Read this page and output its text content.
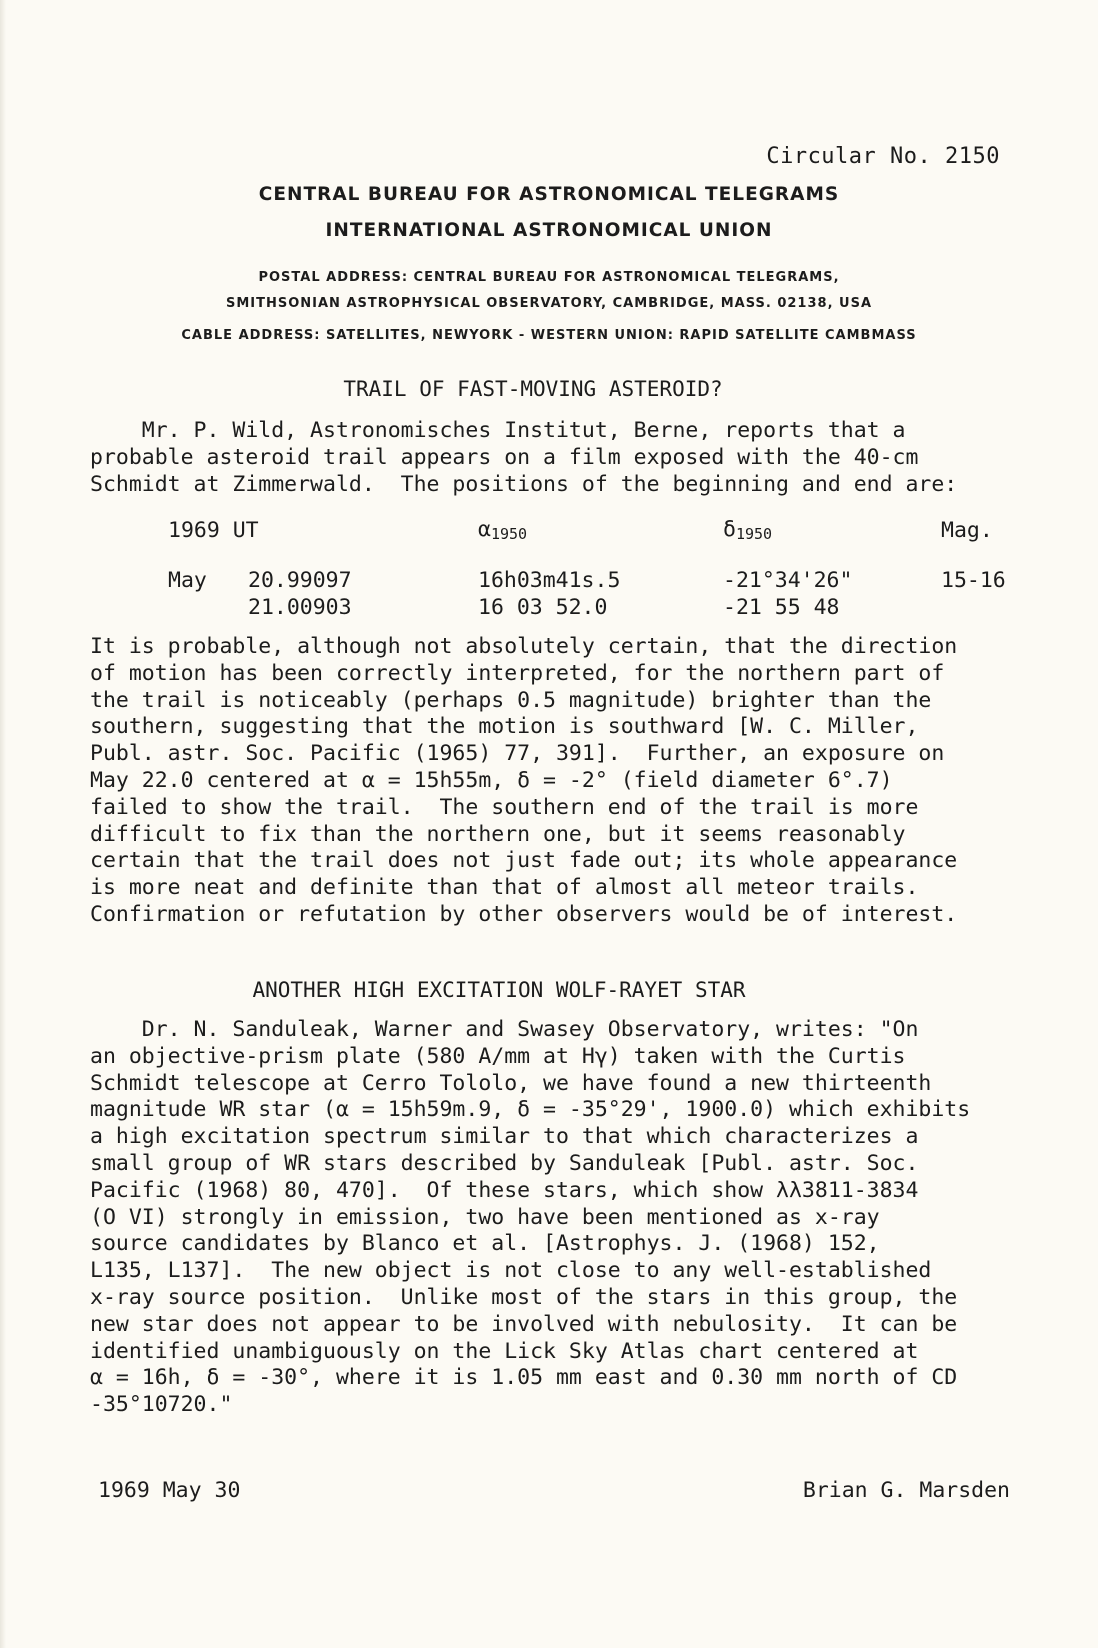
Circular No. 2150
CENTRAL BUREAU FOR ASTRONOMICAL TELEGRAMS
INTERNATIONAL ASTRONOMICAL UNION
POSTAL ADDRESS: CENTRAL BUREAU FOR ASTRONOMICAL TELEGRAMS,
SMITHSONIAN ASTROPHYSICAL OBSERVATORY, CAMBRIDGE, MASS. 02138, USA
CABLE ADDRESS: SATELLITES, NEWYORK - WESTERN UNION: RAPID SATELLITE CAMBMASS
TRAIL OF FAST-MOVING ASTEROID?
Mr. P. Wild, Astronomisches Institut, Berne, reports that a
probable asteroid trail appears on a film exposed with the 40-cm
Schmidt at Zimmerwald.  The positions of the beginning and end are:
1969 UT		$\alpha_{1950}$	$\delta_{1950}$	Mag.

May	20.99097	16h03m41s.5	-21°34'26"	15-16
	21.00903	16 03 52.0	-21 55 48	
It is probable, although not absolutely certain, that the direction
of motion has been correctly interpreted, for the northern part of
the trail is noticeably (perhaps 0.5 magnitude) brighter than the
southern, suggesting that the motion is southward [W. C. Miller,
Publ. astr. Soc. Pacific (1965) 77, 391].  Further, an exposure on
May 22.0 centered at α = 15h55m, δ = -2° (field diameter 6°.7)
failed to show the trail.  The southern end of the trail is more
difficult to fix than the northern one, but it seems reasonably
certain that the trail does not just fade out; its whole appearance
is more neat and definite than that of almost all meteor trails.
Confirmation or refutation by other observers would be of interest.
ANOTHER HIGH EXCITATION WOLF-RAYET STAR
Dr. N. Sanduleak, Warner and Swasey Observatory, writes: "On
an objective-prism plate (580 A/mm at Hγ) taken with the Curtis
Schmidt telescope at Cerro Tololo, we have found a new thirteenth
magnitude WR star (α = 15h59m.9, δ = -35°29', 1900.0) which exhibits
a high excitation spectrum similar to that which characterizes a
small group of WR stars described by Sanduleak [Publ. astr. Soc.
Pacific (1968) 80, 470].  Of these stars, which show λλ3811-3834
(O VI) strongly in emission, two have been mentioned as x-ray
source candidates by Blanco et al. [Astrophys. J. (1968) 152,
L135, L137].  The new object is not close to any well-established
x-ray source position.  Unlike most of the stars in this group, the
new star does not appear to be involved with nebulosity.  It can be
identified unambiguously on the Lick Sky Atlas chart centered at
α = 16h, δ = -30°, where it is 1.05 mm east and 0.30 mm north of CD
-35°10720."
1969 May 30	Brian G. Marsden
